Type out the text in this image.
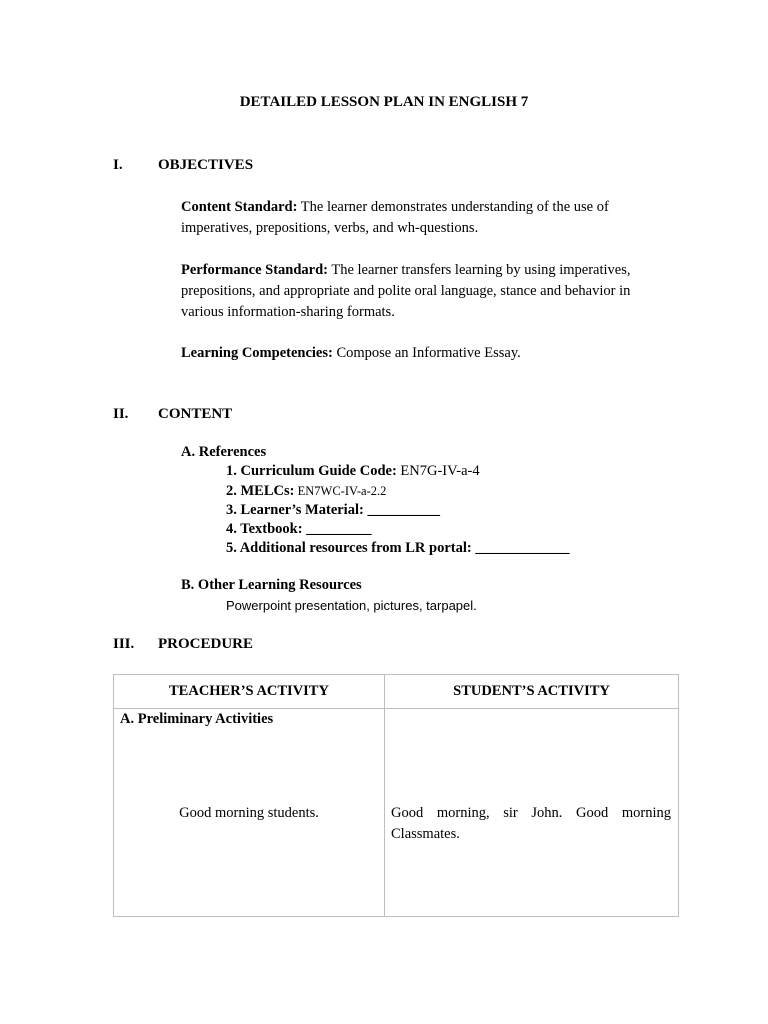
DETAILED LESSON PLAN IN ENGLISH 7
I. OBJECTIVES
Content Standard: The learner demonstrates understanding of the use of imperatives, prepositions, verbs, and wh-questions.
Performance Standard: The learner transfers learning by using imperatives, prepositions, and appropriate and polite oral language, stance and behavior in various information-sharing formats.
Learning Competencies: Compose an Informative Essay.
II. CONTENT
A. References
1. Curriculum Guide Code: EN7G-IV-a-4
2. MELCs: EN7WC-IV-a-2.2
3. Learner’s Material: __________
4. Textbook: _________
5. Additional resources from LR portal: _____________
B. Other Learning Resources
Powerpoint presentation, pictures, tarpapel.
III. PROCEDURE
TEACHER’S ACTIVITY	STUDENT’S ACTIVITY

A. Preliminary Activities
Good morning students.	Good morning, sir John. Good morning Classmates.
